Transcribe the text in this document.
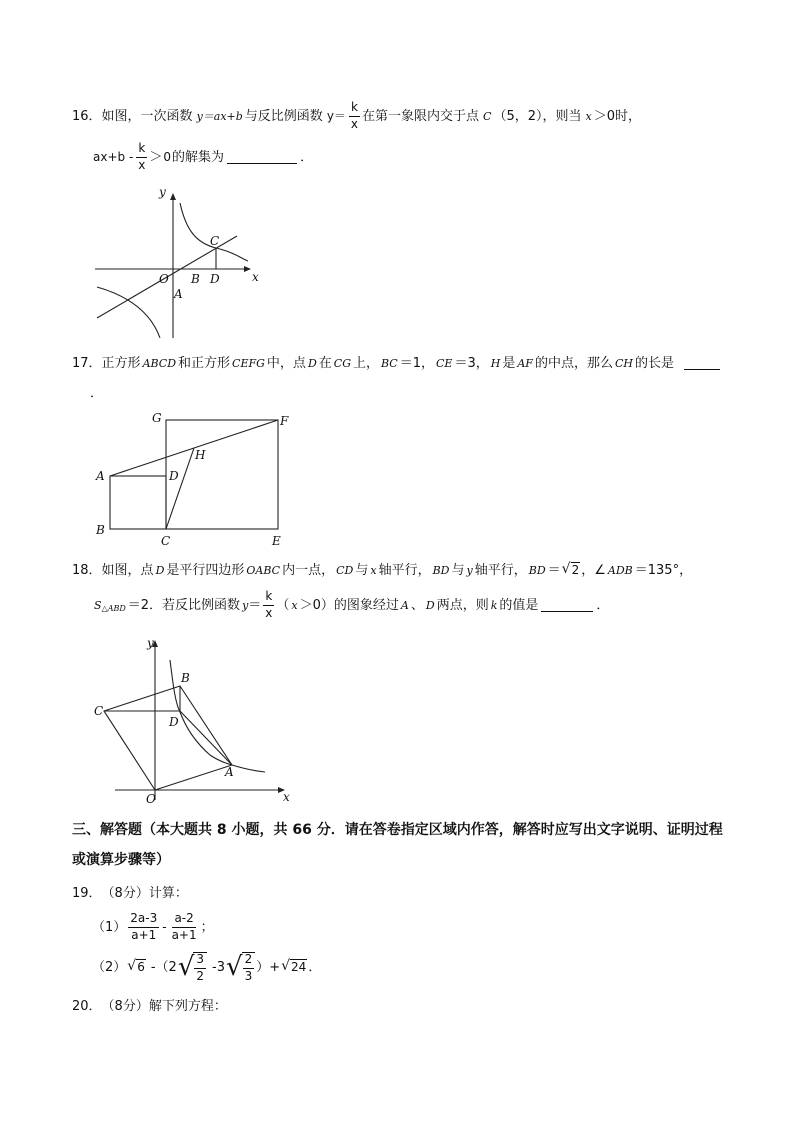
16． 如图，一次函数 y＝ax+b 与反比例函数 $y= \frac{k}{x}$ 在第一象限内交于点 C （5，2），则当 x ＞0时，
$ax+b - \frac{k}{x} > 0$ 的解集为	．
y
C
O B D	x
A
17． 正方形 ABCD 和正方形 CEFG 中，点 D 在 CG 上， BC ＝1， CE ＝3， H 是 AF 的中点，那么 CH 的长是
．
G	F
H
A	D
B
C	E
18． 如图，点 D 是平行四边形 OABC 内一点， CD 与 x 轴平行， BD 与 y 轴平行， BD ＝ √ 2 ，∠ ADB ＝135°，
S △ABD ＝2．若反比例函数 $y = \frac{k}{x}$ （ x ＞0）的图象经过 A 、 D 两点，则 k 的值是	．
y
x
O
C
B
D
A
三、解答题（本大题共 8 小题，共 66 分．请在答卷指定区域内作答，解答时应写出文字说明、证明过程
或演算步骤等）
19． （8分）计算：
$(1) \frac{2a-3}{a+1} - \frac{a-2}{a+1}$ ；
（2） √ 6 -（2 √ $\frac{3}{2} -3$ √ $\frac{2}{3}$ ）+ √ 24 ．
20． （8分）解下列方程：
